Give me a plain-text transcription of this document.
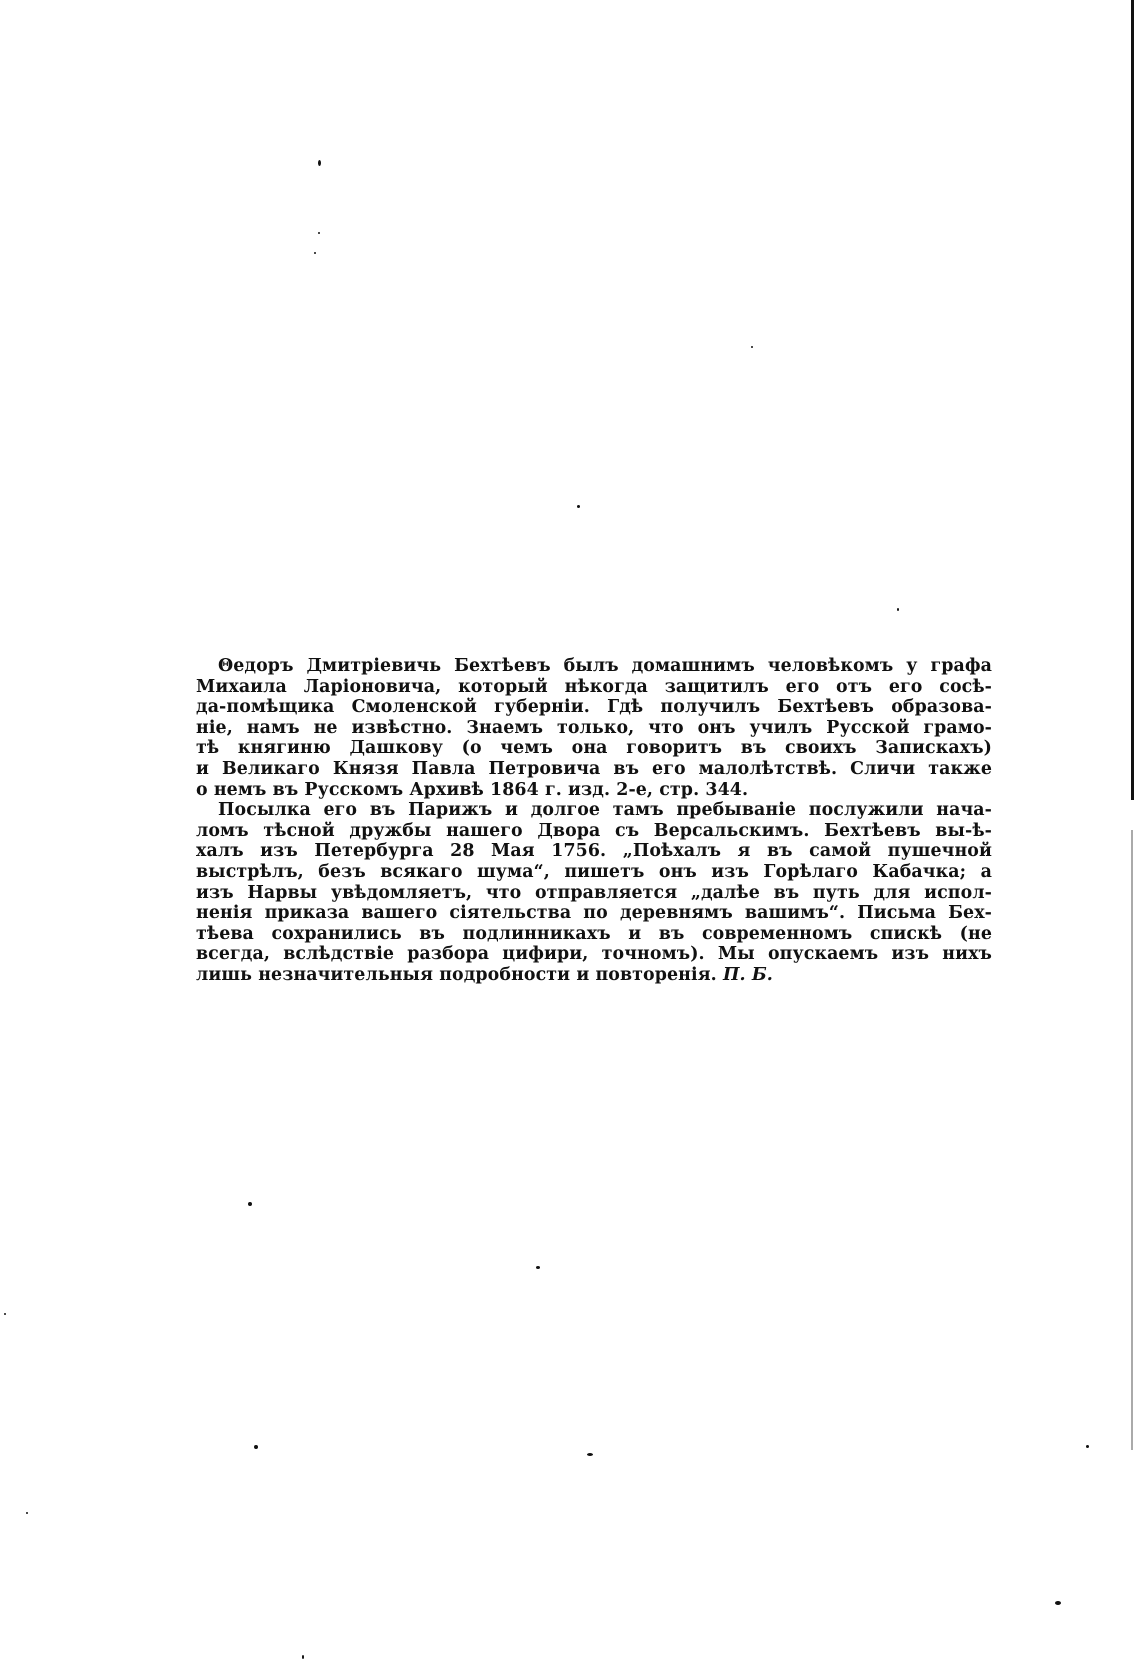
Θедоръ Дмитріевичь Бехтѣевъ былъ домашнимъ человѣкомъ у графа
Михаила Ларіоновича, который нѣкогда защитилъ его отъ его сосѣ-
да-помѣщика Смоленской губерніи. Гдѣ получилъ Бехтѣевъ образова-
ніе, намъ не извѣстно. Знаемъ только, что онъ училъ Русской грамо-
тѣ княгиню Дашкову (о чемъ она говоритъ въ своихъ Запискахъ)
и Великаго Князя Павла Петровича въ его малолѣтствѣ. Сличи также
о немъ въ Русскомъ Архивѣ 1864 г. изд. 2-е, стр. 344.

Посылка его въ Парижъ и долгое тамъ пребываніе послужили нача-
ломъ тѣсной дружбы нашего Двора съ Версальскимъ. Бехтѣевъ вы-ѣ-
халъ изъ Петербурга 28 Мая 1756. „Поѣхалъ я въ самой пушечной
выстрѣлъ, безъ всякаго шума“, пишетъ онъ изъ Горѣлаго Кабачка; а
изъ Нарвы увѣдомляетъ, что отправляется „далѣе въ путь для испол-
ненія приказа вашего сіятельства по деревнямъ вашимъ“. Письма Бех-
тѣева сохранились въ подлинникахъ и въ современномъ спискѣ (не
всегда, вслѣдствіе разбора цифири, точномъ). Мы опускаемъ изъ нихъ
лишь незначительныя подробности и повторенія. П. Б.
